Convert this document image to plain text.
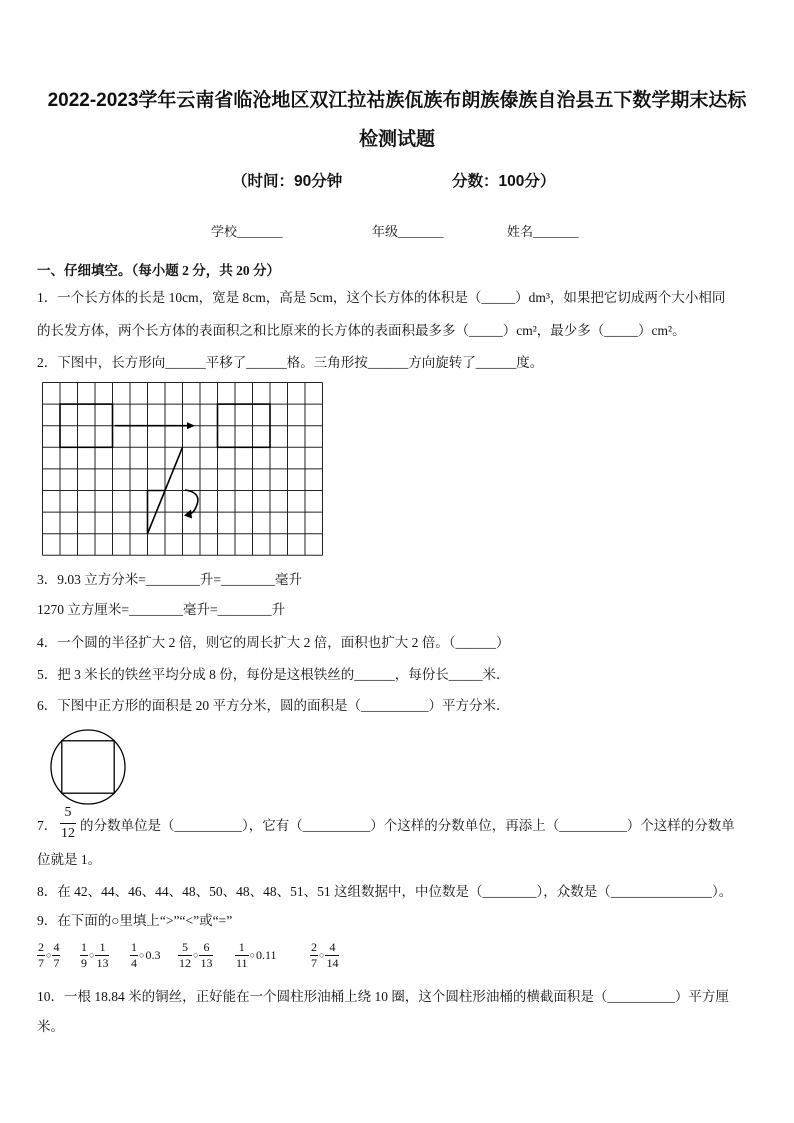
2022-2023学年云南省临沧地区双江拉祜族佤族布朗族傣族自治县五下数学期末达标
检测试题
（时间：90分钟	分数：100分）
学校_______	年级_______	姓名_______
一、仔细填空。（每小题 2 分，共 20 分）
1．一个长方体的长是 10cm，宽是 8cm，高是 5cm，这个长方体的体积是（_____）dm³，如果把它切成两个大小相同
的长发方体，两个长方体的表面积之和比原来的长方体的表面积最多多（_____）cm²，最少多（_____）cm²。
2．下图中，长方形向______平移了______格。三角形按______方向旋转了______度。
3．9.03 立方分米=________升=________毫升
1270 立方厘米=________毫升=________升
4．一个圆的半径扩大 2 倍，则它的周长扩大 2 倍，面积也扩大 2 倍。（______）
5．把 3 米长的铁丝平均分成 8 份，每份是这根铁丝的______，每份长_____米．
6．下图中正方形的面积是 20 平方分米，圆的面积是（__________）平方分米．
7． $\frac{5}{12}$ 的分数单位是（__________），它有（__________）个这样的分数单位，再添上（__________）个这样的分数单
位就是 1。
8．在 42、44、46、44、48、50、48、48、51、51 这组数据中，中位数是（________），众数是（_______________）。
9．在下面的○里填上“>”“<”或“=”
$\frac{2}{7}$ ○ $\frac{4}{7} \frac{1}{9}$ ○ $\frac{1}{13} \frac{1}{4}$ ○ $0.3 \frac{5}{12}$ ○ $\frac{6}{13} \frac{1}{11}$ ○ 0.11	$\frac{2}{7}$ ○ $\frac{4}{14}$
10．一根 18.84 米的铜丝，正好能在一个圆柱形油桶上绕 10 圈，这个圆柱形油桶的横截面积是（__________）平方厘
米。
